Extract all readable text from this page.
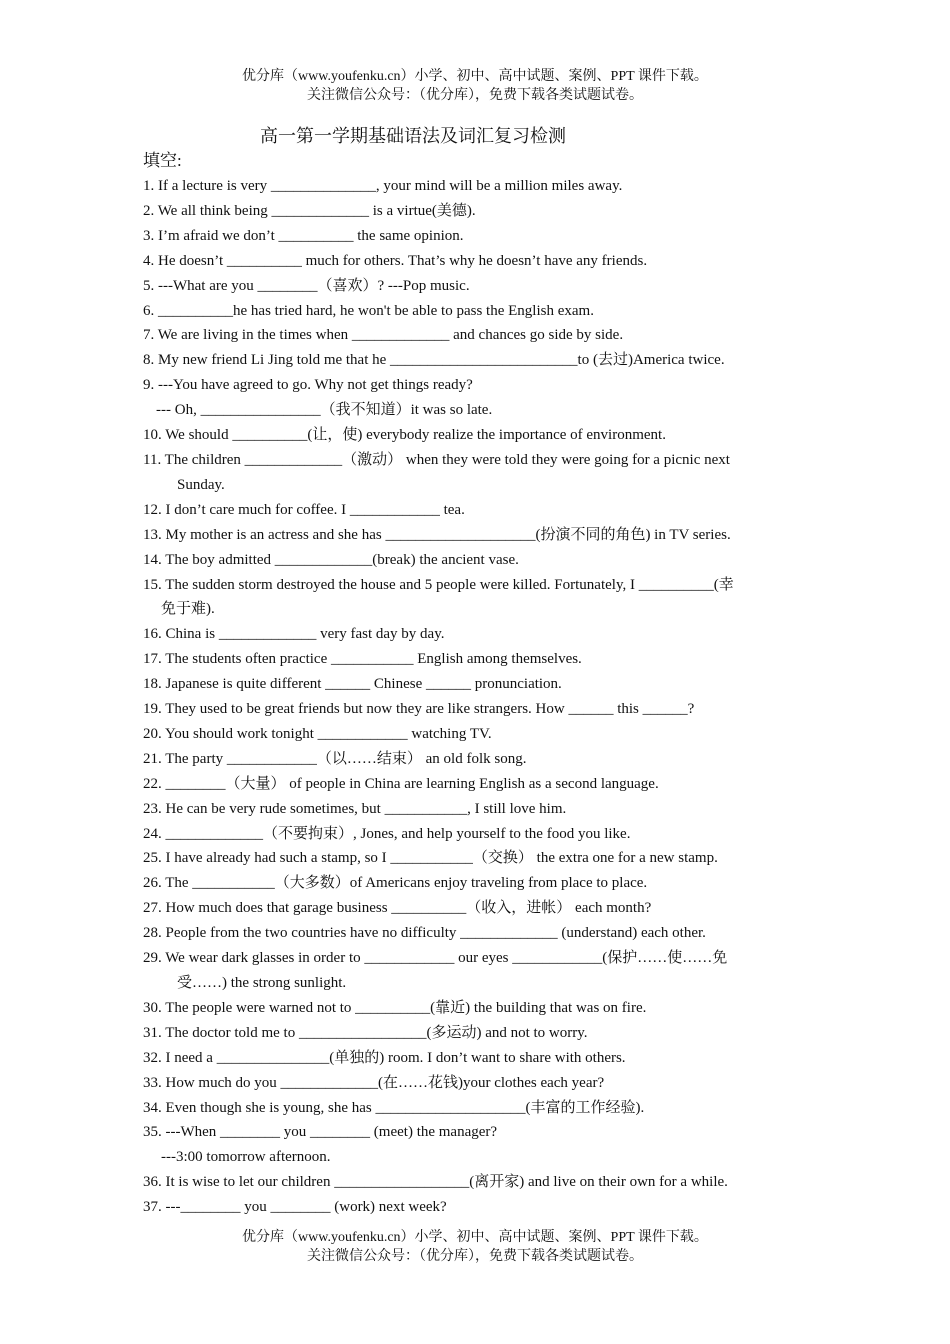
优分库（www.youfenku.cn）小学、初中、高中试题、案例、PPT 课件下载。
关注微信公众号：（优分库），免费下载各类试题试卷。
高一第一学期基础语法及词汇复习检测
填空:
1. If a lecture is very ______________, your mind will be a million miles away.
2. We all think being _____________ is a virtue(美德).
3. I’m afraid we don’t __________ the same opinion.
4. He doesn’t __________ much for others. That’s why he doesn’t have any friends.
5. ---What are you ________（喜欢）? ---Pop music.
6. __________he has tried hard, he won't be able to pass the English exam.
7. We are living in the times when _____________ and chances go side by side.
8. My new friend Li Jing told me that he _________________________to (去过)America twice.
9. ---You have agreed to go. Why not get things ready?
--- Oh, ________________（我不知道）it was so late.
10. We should __________(让，使) everybody realize the importance of environment.
11. The children _____________（激动） when they were told they were going for a picnic next
Sunday.
12. I don’t care much for coffee. I ____________ tea.
13. My mother is an actress and she has ____________________(扮演不同的角色) in TV series.
14. The boy admitted _____________(break) the ancient vase.
15. The sudden storm destroyed the house and 5 people were killed. Fortunately, I __________(幸
免于难).
16. China is _____________ very fast day by day.
17. The students often practice ___________ English among themselves.
18. Japanese is quite different ______ Chinese ______ pronunciation.
19. They used to be great friends but now they are like strangers. How ______ this ______?
20. You should work tonight ____________ watching TV.
21. The party ____________（以……结束） an old folk song.
22. ________（大量） of people in China are learning English as a second language.
23. He can be very rude sometimes, but ___________, I still love him.
24. _____________（不要拘束）, Jones, and help yourself to the food you like.
25. I have already had such a stamp, so I ___________（交换） the extra one for a new stamp.
26. The ___________（大多数）of Americans enjoy traveling from place to place.
27. How much does that garage business __________（收入，进帐） each month?
28. People from the two countries have no difficulty _____________ (understand) each other.
29. We wear dark glasses in order to ____________ our eyes ____________(保护……使……免
受……) the strong sunlight.
30. The people were warned not to __________(靠近) the building that was on fire.
31. The doctor told me to _________________(多运动) and not to worry.
32. I need a _______________(单独的) room. I don’t want to share with others.
33. How much do you _____________(在……花钱)your clothes each year?
34. Even though she is young, she has ____________________(丰富的工作经验).
35. ---When ________ you ________ (meet) the manager?
---3:00 tomorrow afternoon.
36. It is wise to let our children __________________(离开家) and live on their own for a while.
37. ---________ you ________ (work) next week?
优分库（www.youfenku.cn）小学、初中、高中试题、案例、PPT 课件下载。
关注微信公众号：（优分库），免费下载各类试题试卷。
